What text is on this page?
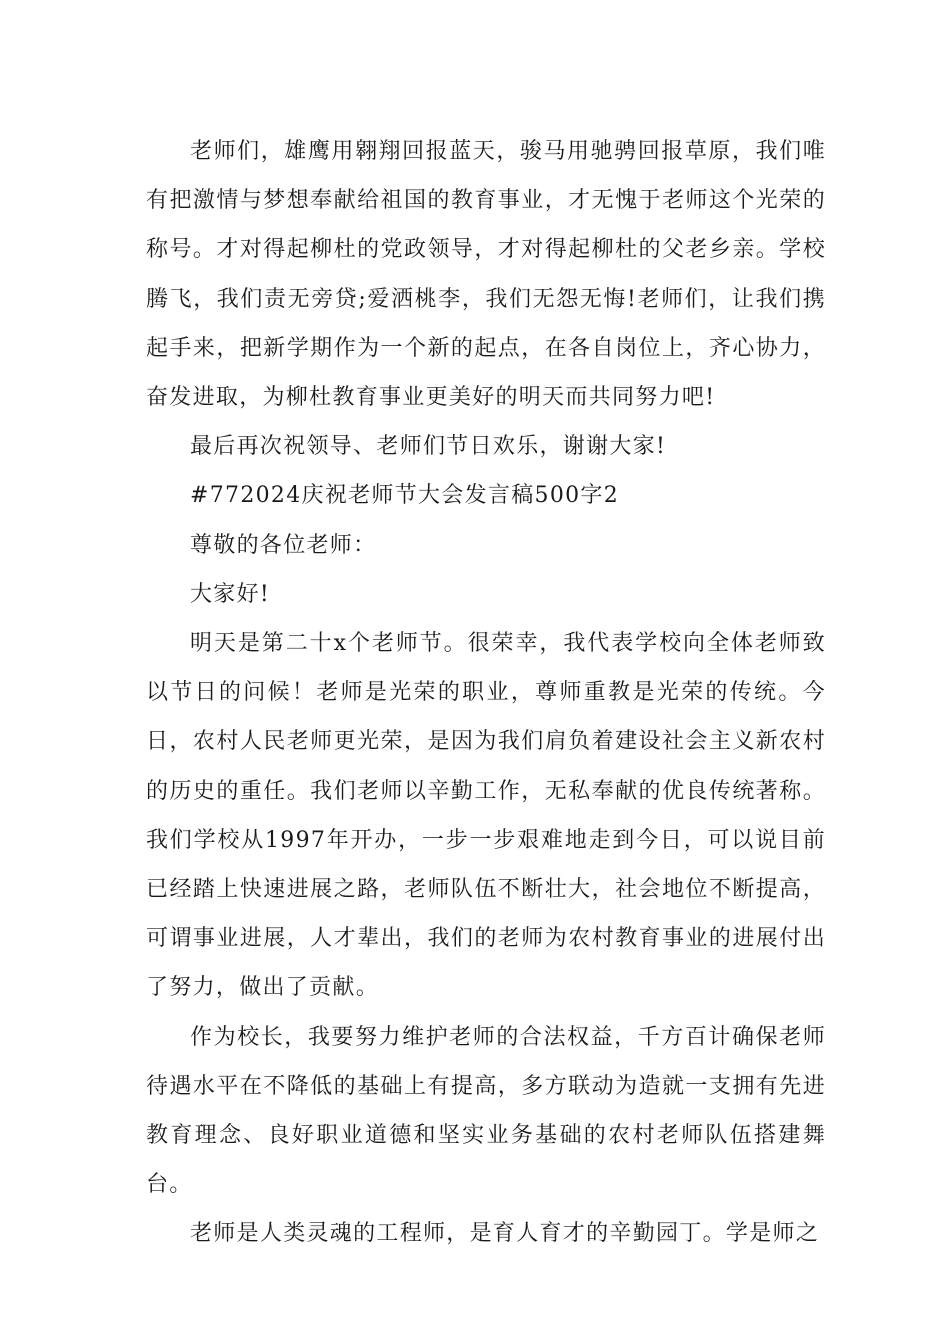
老师们，雄鹰用翱翔回报蓝天，骏马用驰骋回报草原，我们唯有把激情与梦想奉献给祖国的教育事业，才无愧于老师这个光荣的称号。才对得起柳杜的党政领导，才对得起柳杜的父老乡亲。学校腾飞，我们责无旁贷;爱洒桃李，我们无怨无悔!老师们，让我们携起手来，把新学期作为一个新的起点，在各自岗位上，齐心协力，奋发进取，为柳杜教育事业更美好的明天而共同努力吧!

最后再次祝领导、老师们节日欢乐，谢谢大家!

#772024庆祝老师节大会发言稿500字2

尊敬的各位老师：

大家好!

明天是第二十x个老师节。很荣幸，我代表学校向全体老师致以节日的问候！老师是光荣的职业，尊师重教是光荣的传统。今日，农村人民老师更光荣，是因为我们肩负着建设社会主义新农村的历史的重任。我们老师以辛勤工作，无私奉献的优良传统著称。我们学校从1997年开办，一步一步艰难地走到今日，可以说目前已经踏上快速进展之路，老师队伍不断壮大，社会地位不断提高，可谓事业进展，人才辈出，我们的老师为农村教育事业的进展付出了努力，做出了贡献。

作为校长，我要努力维护老师的合法权益，千方百计确保老师待遇水平在不降低的基础上有提高，多方联动为造就一支拥有先进教育理念、良好职业道德和坚实业务基础的农村老师队伍搭建舞台。

老师是人类灵魂的工程师，是育人育才的辛勤园丁。学是师之
